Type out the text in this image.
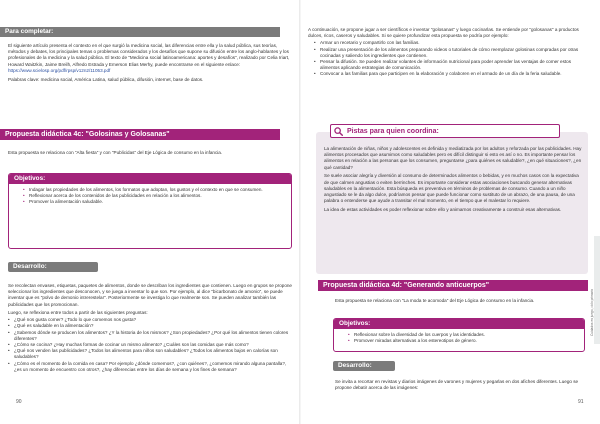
Para completar:

El siguiente artículo presenta el contexto en el que surgió la medicina social, las diferencias entre ella y la salud pública, sus teorías, métodos y debates, los principales temas o problemas considerados y los desafíos que supone su difusión entre los anglo-hablantes y los profesionales de la medicina y la salud pública. El texto de "Medicina social latinoamericana: aportes y desafíos", realizado por Celia Iriart, Howard Waitzkin, Jaime Breilh, Alfredo Estrada y Emerson Elias Merhy, puede encontrarse en el siguiente enlace:

https://www.scielosp.org/pdf/rpsp/v12n2/11053.pdf

Palabras clave: medicina social, América Latina, salud pública, difusión, internet, base de datos.

Propuesta didáctica 4c: "Golosinas y Golosanas"
Esta propuesta se relaciona con "Alta fiesta" y con "Publicidas" del Eje Lógica de consumo en la infancia.
Objetivos:
• Indagar las propiedades de los alimentos, los formatos que adoptan, los gustos y el contexto en que se consumen.
• Reflexionar acerca de los contenidos de las publicidades en relación a los alimentos.
• Promover la alimentación saludable.
Desarrollo:

Se recolectan envases, etiquetas, paquetes de alimentos, donde se describan los ingredientes que contienen. Luego en grupos se propone seleccionar los ingredientes que desconocen, y se juega a inventar lo que son. Por ejemplo, al dice "bicarbonato de amonio", se puede inventar que es "polvo de demonio intrerestelar". Posteriormente se investiga lo que realmente son. Se pueden analizar también las publicidades que los promocionan.

Luego, se reflexiona entre todos a partir de las siguientes preguntas:

• ¿Qué nos gusta comer? ¿Todo lo que comemos nos gusta?
• ¿Qué es saludable en la alimentación?
• ¿Sabemos dónde se producen los alimentos? ¿Y la historia de los mismos? ¿Son propiedades? ¿Por qué los alimentos tienen colores diferentes?
• ¿Cómo se cocina? ¿Hay muchas formas de cocinar un mismo alimento? ¿Cuáles son las comidas que más como?
• ¿Qué nos venden las publicidades? ¿Todos los alimentos para niños son saludables? ¿Todos los alimentos bajos en calorías son saludables?
• ¿Cómo es el momento de la comida en casa? Por ejemplo ¿dónde comemos?, ¿con quiénes?, ¿comemos mirando alguna pantalla?, ¿es un momento de encuentro con otros?, ¿hay diferencias entre los días de semana y los fines de semana?
90

A continuación, se propone jugar a ser científicos e inventar "golosanas" y luego cocinarlas. Se entiende por "golosanas" a productos dulces, ricos, caseros y saludables. Si se quiere profundizar esta propuesta se podría por ejemplo:

• Armar un recetario y compartirlo con las familias.
• Realizar una presentación de los alimentos preparando videos o tutoriales de cómo reemplazar golosinas compradas por otras cocinadas y saliendo los ingredientes que contienen.
• Pensar la difusión. Se pueden realizar volantes de información nutricional para poder aprender las ventajas de comer estos alimentos aplicando estrategias de comunicación.
• Convocar a las familias para que participen en la elaboración y colaboren en el armado de un día de la feria saludable.

La alimentación de niñas, niños y adolescentes es definida y mediatizada por los adultos y reforzada por las publicidades. Hay alimentos procesados que asumimos como saludables pero es difícil distinguir si esto es así o no. Es importante pensar los alimentos en relación a las personas que los consumen, preguntarse ¿para quiénes es saludable?, ¿en qué situaciones?, ¿en qué cantidad?

Se suele asociar alegría y diversión al consumo de determinados alimentos o bebidas, y en muchos casos con la expectativa de que calmen angustias o eviten berrinches. Es importante considerar estas asociaciones buscando generar alternativas saludables en la alimentación. Esta búsqueda es preventiva en términos de problemas de consumo. Cuando a un niño angustiado se le da algo dulce, podríamos pensar que puede funcionar como sustituto de un abrazo, de una pausa, de una palabra o entenderse que ayude a transitar el mal momento, en el tiempo que el malestar lo requiere.

La idea de estas actividades es poder reflexionar sobre ello y animarnos creativamente a construir esas alternativas.

Pistas para quien coordina:
Propuesta didáctica 4d: "Generando anticuerpos"
Esta propuesta se relaciona con "La moda te acomoda" del Eje Lógica de consumo en la infancia.
Objetivos:
• Reflexionar sobre la diversidad de los cuerpos y las identidades.
• Promover miradas alternativas a los estereotipos de género.
Desarrollo:
Se invita a recortar en revistas y diarios imágenes de varones y mujeres y pegarlas en dos afiches diferentes. Luego se propone debatir acerca de las imágenes:
Cuidados en juego, ciclo primario
91
